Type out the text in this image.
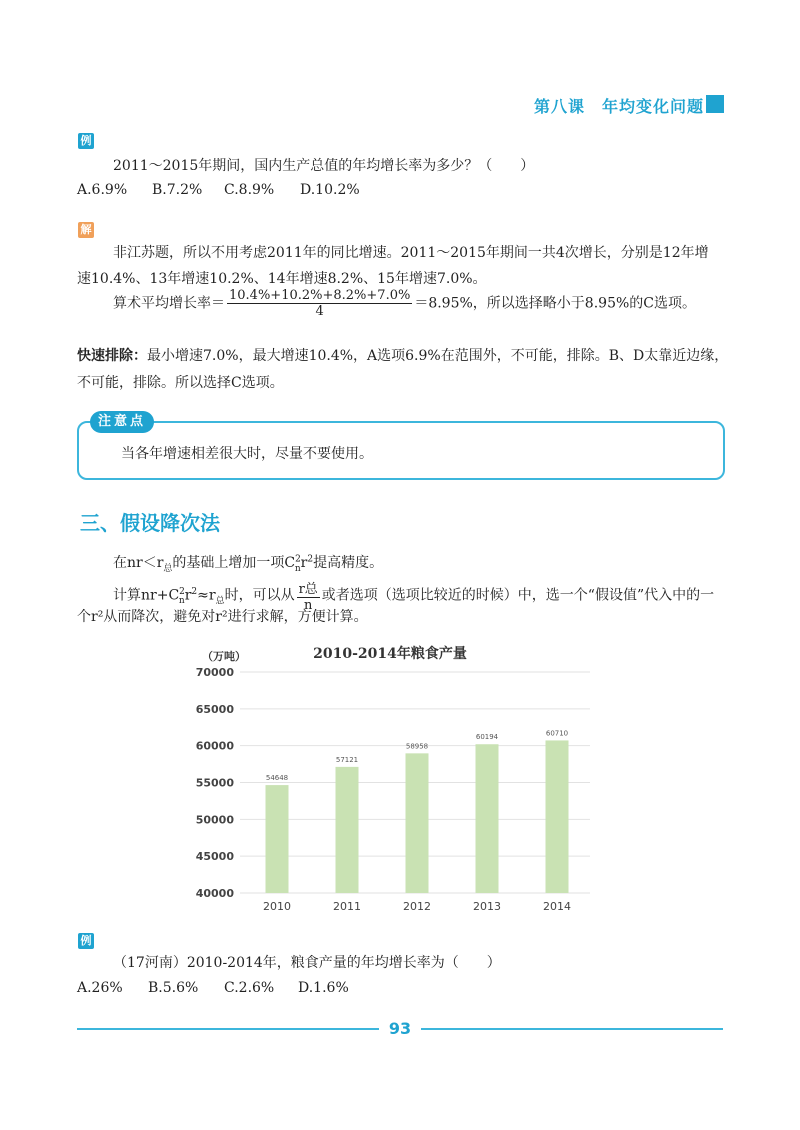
第八课　年均变化问题
例
2011～2015年期间，国内生产总值的年均增长率为多少？（　　）
A.6.9% B.7.2% C.8.9% D.10.2%
解
非江苏题，所以不用考虑2011年的同比增速。2011～2015年期间一共4次增长，分别是12年增
速10.4%、13年增速10.2%、14年增速8.2%、15年增速7.0%。
算术平均增长率＝ $\frac{10.4\%+10.2\%+8.2\%+7.0\%}{4} =8.95\%$，所以选择略小于8.95%的C选项。
快速排除：最小增速7.0%，最大增速10.4%，A选项6.9%在范围外，不可能，排除。B、D太靠近边缘，
不可能，排除。所以选择C选项。
注意点
当各年增速相差很大时，尽量不要使用。
三、假设降次法
在$nr<r_总$的基础上增加一项$C^2_nr^2$提高精度。
计算$nr+C^2_nr^2\approx r_总$时，可以从 $\frac{\text{r总}}{n}$ 或者选项（选项比较近的时候）中，选一个“假设值”代入中的一
个r²从而降次，避免对r²进行求解，方便计算。
2010-2014年粮食产量
（万吨）
40000
45000
50000
55000
60000
65000
70000
54648
2010
57121
2011
58958
2012
60194
2013
60710
2014
例
（17河南）2010-2014年，粮食产量的年均增长率为（　　）
A.26% B.5.6% C.2.6% D.1.6%
93
